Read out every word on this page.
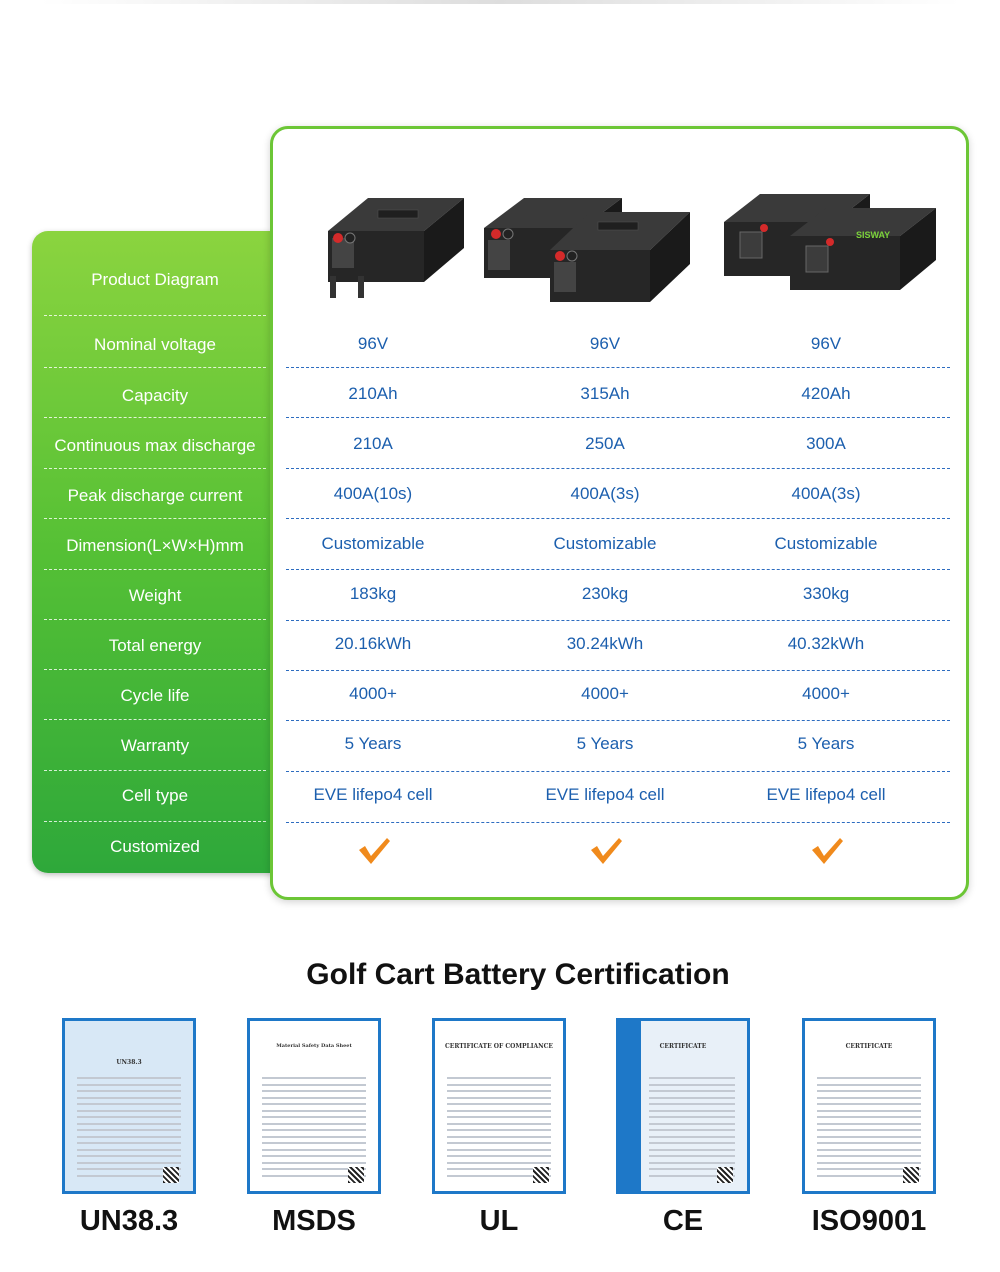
Product Diagram
Nominal voltage
Capacity
Continuous max discharge
Peak discharge current
Dimension(L×W×H)mm
Weight
Total energy
Cycle life
Warranty
Cell type
Customized
SISWAY
96V
210Ah
210A
400A(10s)
Customizable
183kg
20.16kWh
4000+
5 Years
EVE lifepo4 cell
96V
315Ah
250A
400A(3s)
Customizable
230kg
30.24kWh
4000+
5 Years
EVE lifepo4 cell
96V
420Ah
300A
400A(3s)
Customizable
330kg
40.32kWh
4000+
5 Years
EVE lifepo4 cell
Golf Cart Battery Certification
UN38.3
UN38.3
Material Safety Data Sheet
MSDS
CERTIFICATE OF COMPLIANCE
UL
CERTIFICATE
CE
CERTIFICATE
ISO9001
